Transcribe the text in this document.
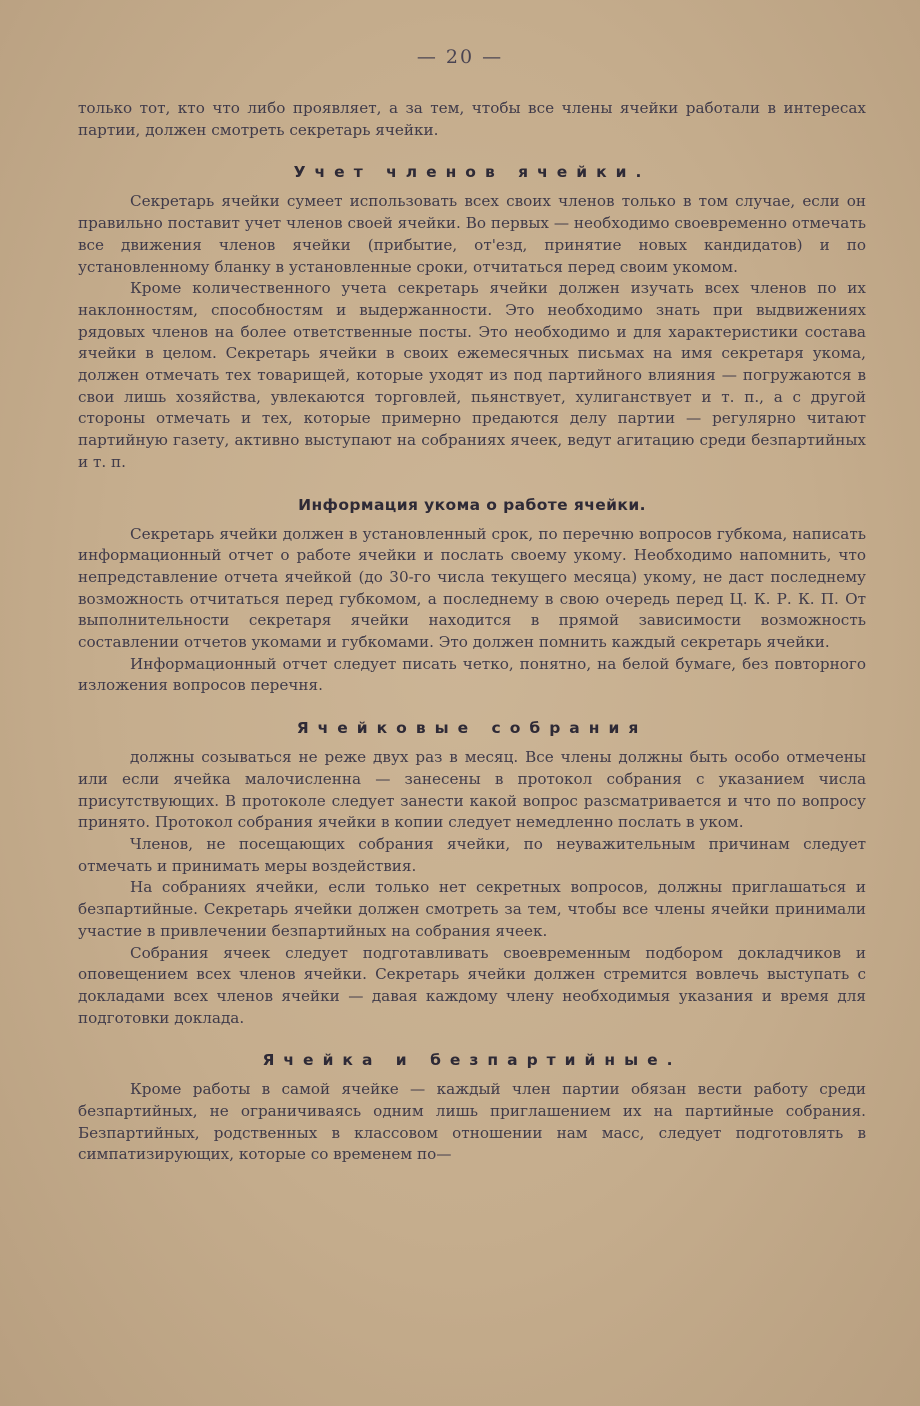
— 20 —
только тот, кто что либо проявляет, а за тем, чтобы все члены ячейки работали в интересах партии, должен смотреть секретарь ячейки.
Учет членов ячейки.
Секретарь ячейки сумеет использовать всех своих членов только в том случае, если он правильно поставит учет членов своей ячейки. Во первых — необходимо своевременно отмечать все движения членов ячейки (прибытие, от'езд, принятие новых кандидатов) и по установленному бланку в установленные сроки, отчитаться перед своим укомом.
Кроме количественного учета секретарь ячейки должен изучать всех членов по их наклонностям, способностям и выдержанности. Это необходимо знать при выдвижениях рядовых членов на более ответственные посты. Это необходимо и для характеристики состава ячейки в целом. Секретарь ячейки в своих ежемесячных письмах на имя секретаря укома, должен отмечать тех товарищей, которые уходят из под партийного влияния — погружаются в свои лишь хозяйства, увлекаются торговлей, пьянствует, хулиганствует и т. п., а с другой стороны отмечать и тех, которые примерно предаются делу партии — регулярно читают партийную газету, активно выступают на собраниях ячеек, ведут агитацию среди безпартийных и т. п.
Информация укома о работе ячейки.
Секретарь ячейки должен в установленный срок, по перечню вопросов губкома, написать информационный отчет о работе ячейки и послать своему укому. Необходимо напомнить, что непредставление отчета ячейкой (до 30-го числа текущего месяца) укому, не даст последнему возможность отчитаться перед губкомом, а последнему в свою очередь перед Ц. К. Р. К. П. От выполнительности секретаря ячейки находится в прямой зависимости возможность составлении отчетов укомами и губкомами. Это должен помнить каждый секретарь ячейки.
Информационный отчет следует писать четко, понятно, на белой бумаге, без повторного изложения вопросов перечня.
Ячейковые собрания
должны созываться не реже двух раз в месяц. Все члены должны быть особо отмечены или если ячейка малочисленна — занесены в протокол собрания с указанием числа присутствующих. В протоколе следует занести какой вопрос разсматривается и что по вопросу принято. Протокол собрания ячейки в копии следует немедленно послать в уком.
Членов, не посещающих собрания ячейки, по неуважительным причинам следует отмечать и принимать меры воздействия.
На собраниях ячейки, если только нет секретных вопросов, должны приглашаться и безпартийные. Секретарь ячейки должен смотреть за тем, чтобы все члены ячейки принимали участие в привлечении безпартийных на собрания ячеек.
Собрания ячеек следует подготавливать своевременным подбором докладчиков и оповещением всех членов ячейки. Секретарь ячейки должен стремится вовлечь выступать с докладами всех членов ячейки — давая каждому члену необходимыя указания и время для подготовки доклада.
Ячейка и безпартийные.
Кроме работы в самой ячейке — каждый член партии обязан вести работу среди безпартийных, не ограничиваясь одним лишь приглашением их на партийные собрания. Безпартийных, родственных в классовом отношении нам масс, следует подготовлять в симпатизирующих, которые со временем по—
